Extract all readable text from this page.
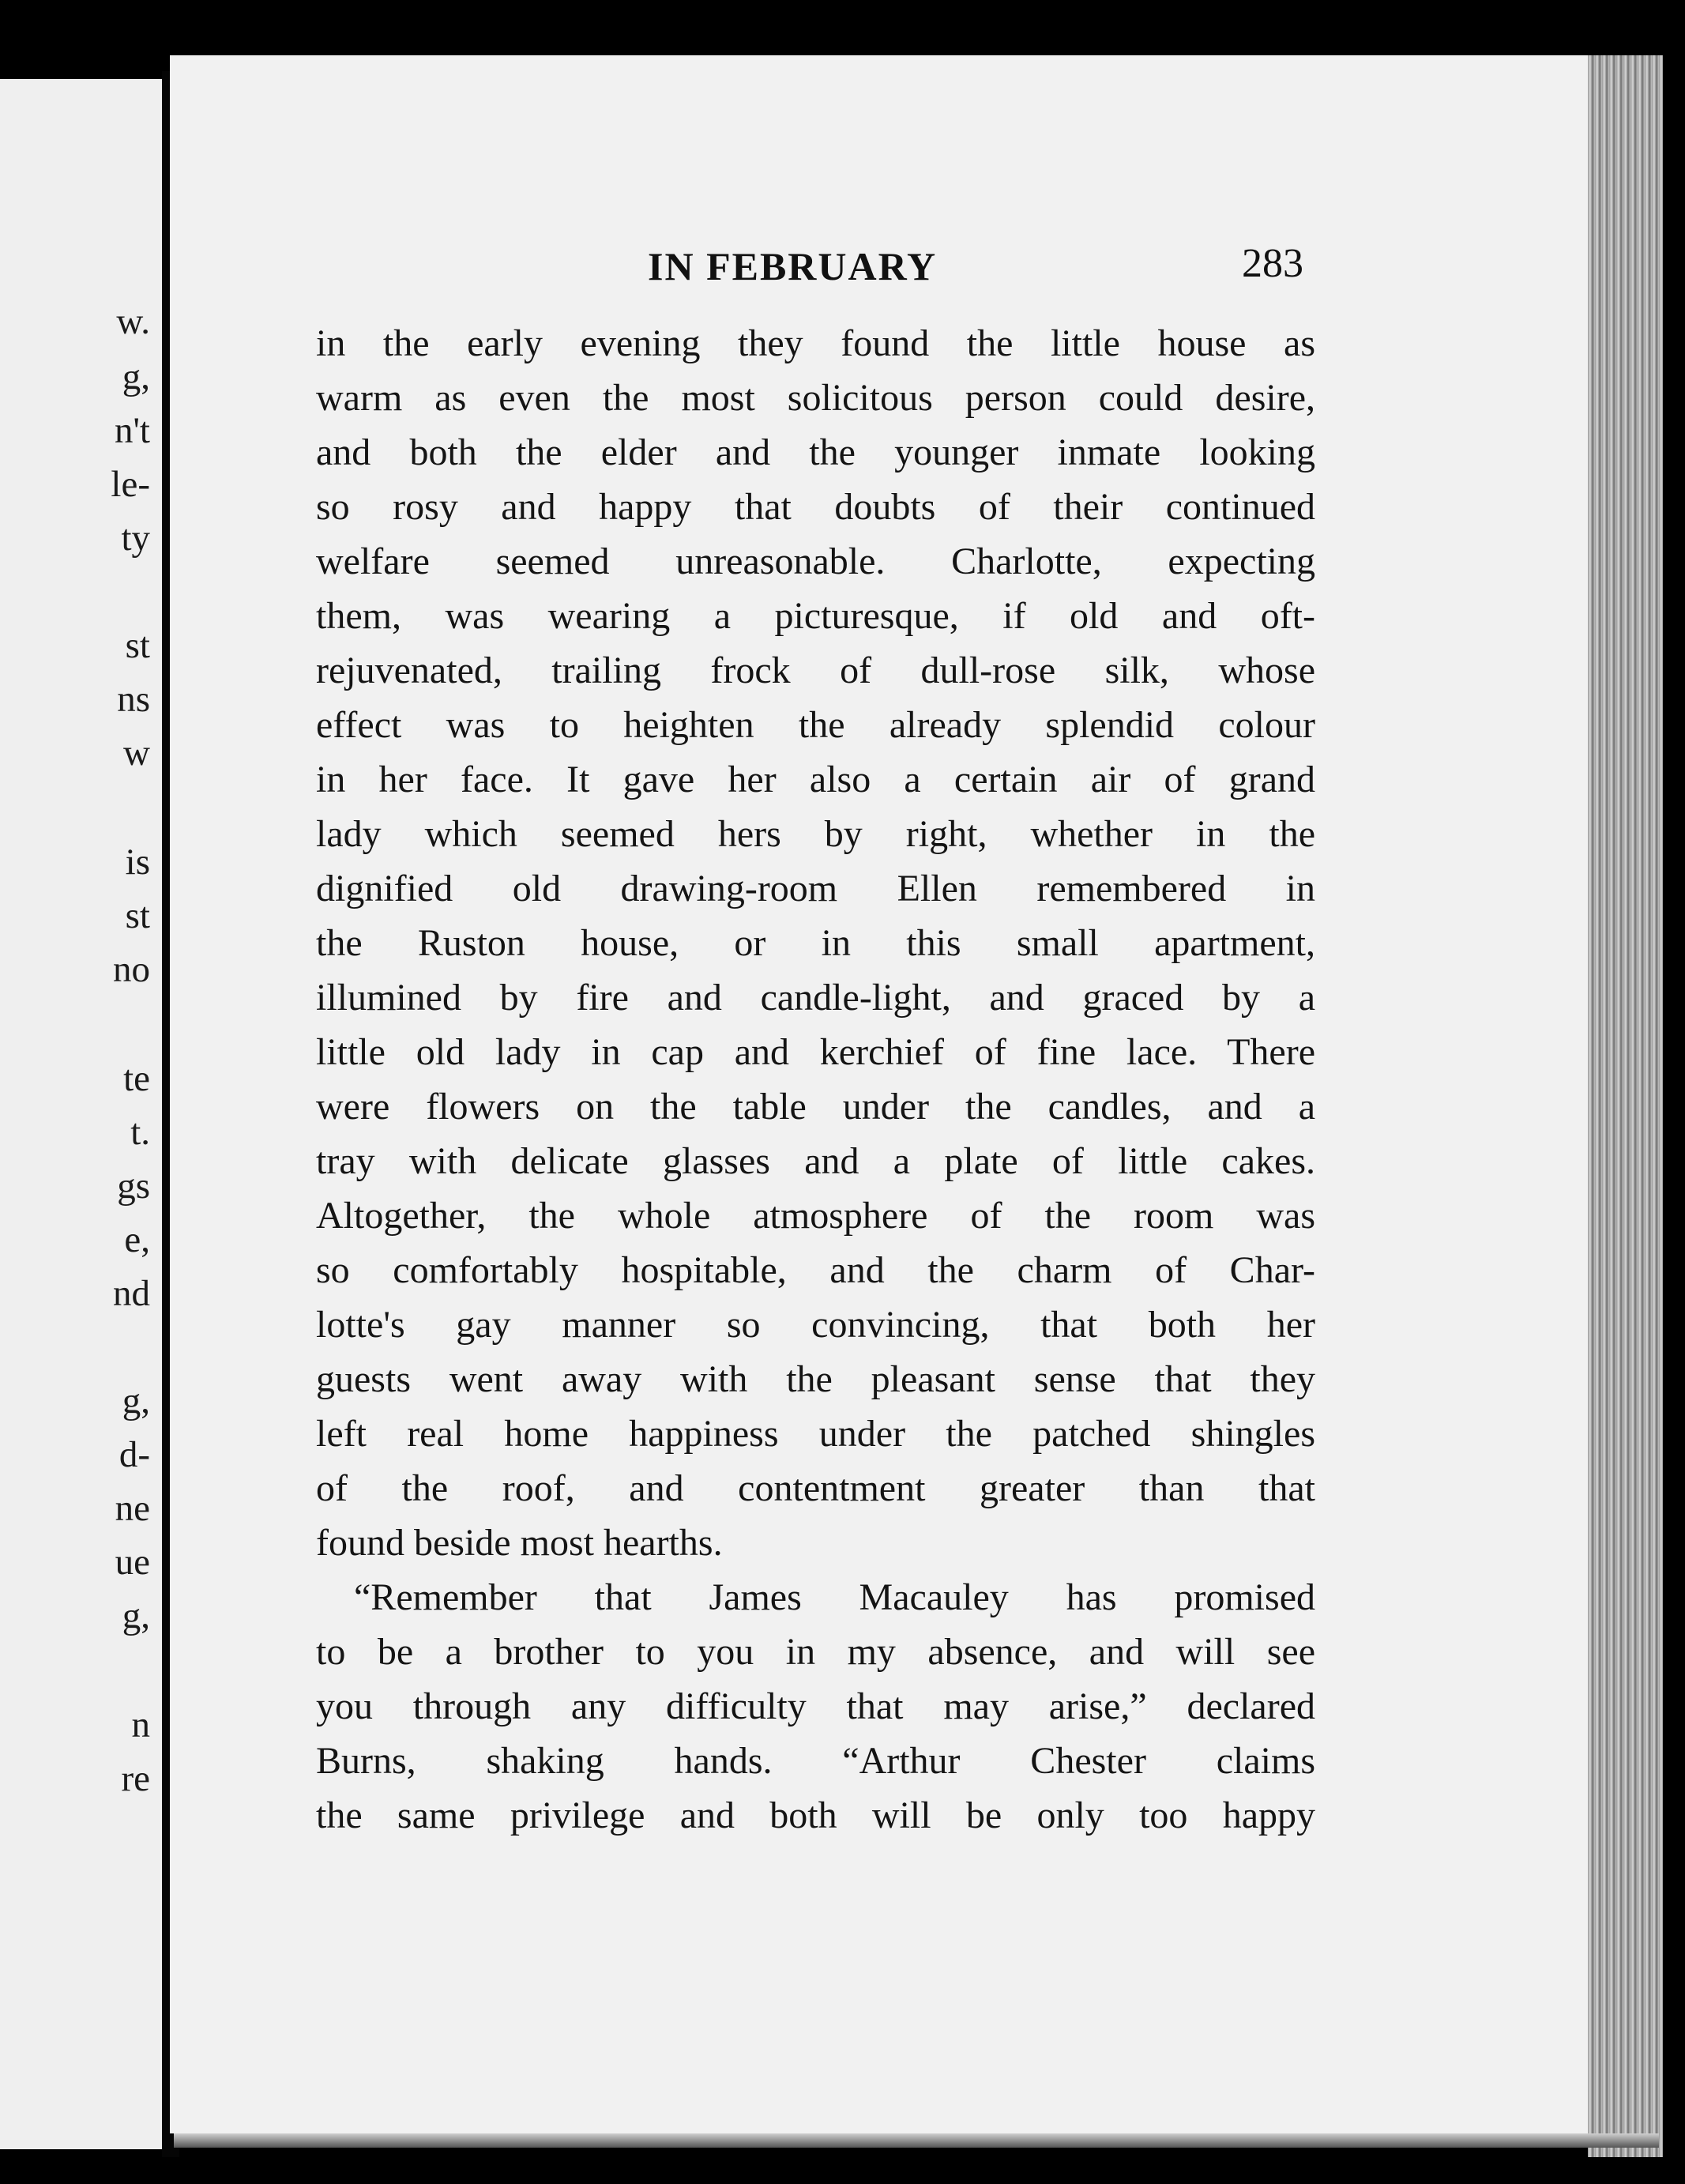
w.
g,
n't
le-
ty
st
ns
w
is
st
no
te
t.
gs
e,
nd
g,
d-
ne
ue
g,
n
re
IN FEBRUARY	283
in the early evening they found the little house as
warm as even the most solicitous person could desire,
and both the elder and the younger inmate looking
so rosy and happy that doubts of their continued
welfare seemed unreasonable. Charlotte, expecting
them, was wearing a picturesque, if old and oft-
rejuvenated, trailing frock of dull-rose silk, whose
effect was to heighten the already splendid colour
in her face. It gave her also a certain air of grand
lady which seemed hers by right, whether in the
dignified old drawing-room Ellen remembered in
the Ruston house, or in this small apartment,
illumined by fire and candle-light, and graced by a
little old lady in cap and kerchief of fine lace. There
were flowers on the table under the candles, and a
tray with delicate glasses and a plate of little cakes.
Altogether, the whole atmosphere of the room was
so comfortably hospitable, and the charm of Char-
lotte's gay manner so convincing, that both her
guests went away with the pleasant sense that they
left real home happiness under the patched shingles
of the roof, and contentment greater than that
found beside most hearths.
“Remember that James Macauley has promised
to be a brother to you in my absence, and will see
you through any difficulty that may arise,” declared
Burns, shaking hands. “Arthur Chester claims
the same privilege and both will be only too happy
